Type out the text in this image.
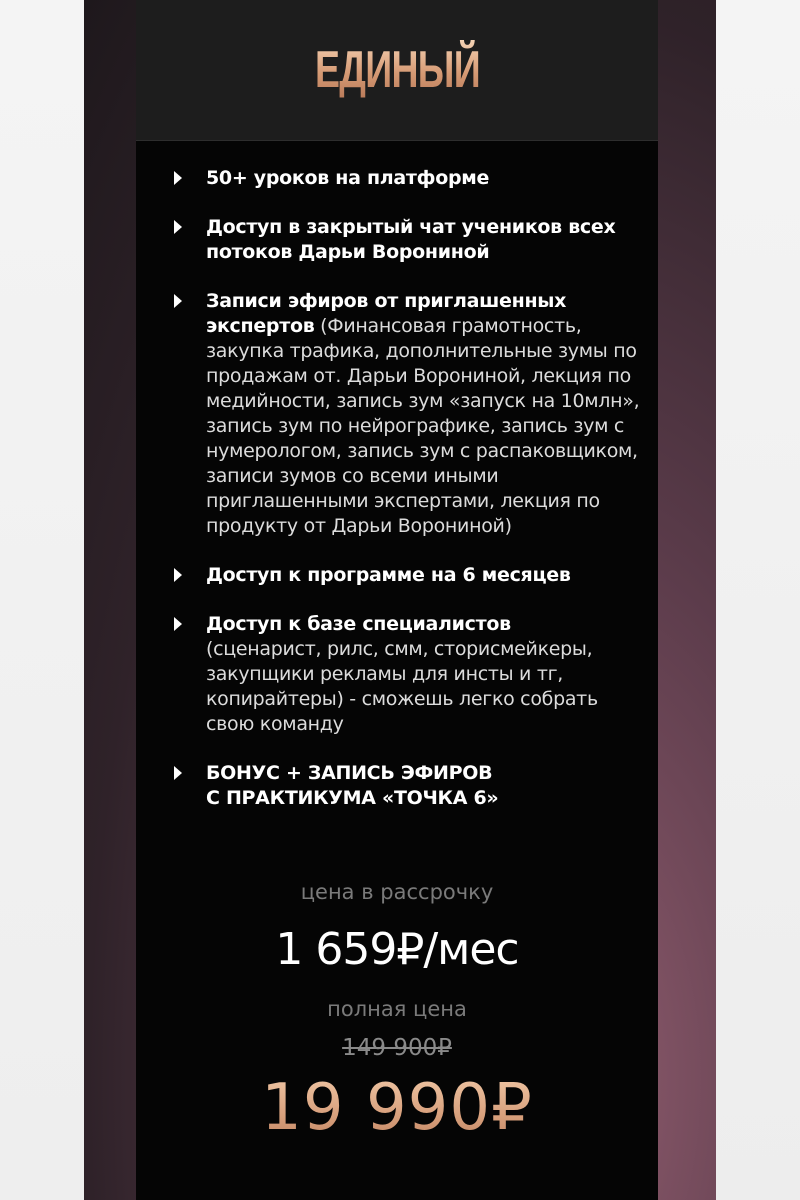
ЕДИНЫЙ
50+ уроков на платформе
Доступ в закрытый чат учеников всех потоков Дарьи Ворониной
Записи эфиров от приглашенных экспертов (Финансовая грамотность, закупка трафика, дополнительные зумы по продажам от. Дарьи Ворониной, лекция по медийности, запись зум «запуск на 10млн», запись зум по нейрографике, запись зум с нумерологом, запись зум с распаковщиком, записи зумов со всеми иными приглашенными экспертами, лекция по продукту от Дарьи Ворониной)
Доступ к программе на 6 месяцев
Доступ к базе специалистов
(сценарист, рилс, смм, сторисмейкеры, закупщики рекламы для инсты и тг, копирайтеры) - сможешь легко собрать свою команду
БОНУС + ЗАПИСЬ ЭФИРОВ С ПРАКТИКУМА «ТОЧКА 6»
цена в рассрочку
1 659₽/мес
полная цена
149 900₽
19 990₽
